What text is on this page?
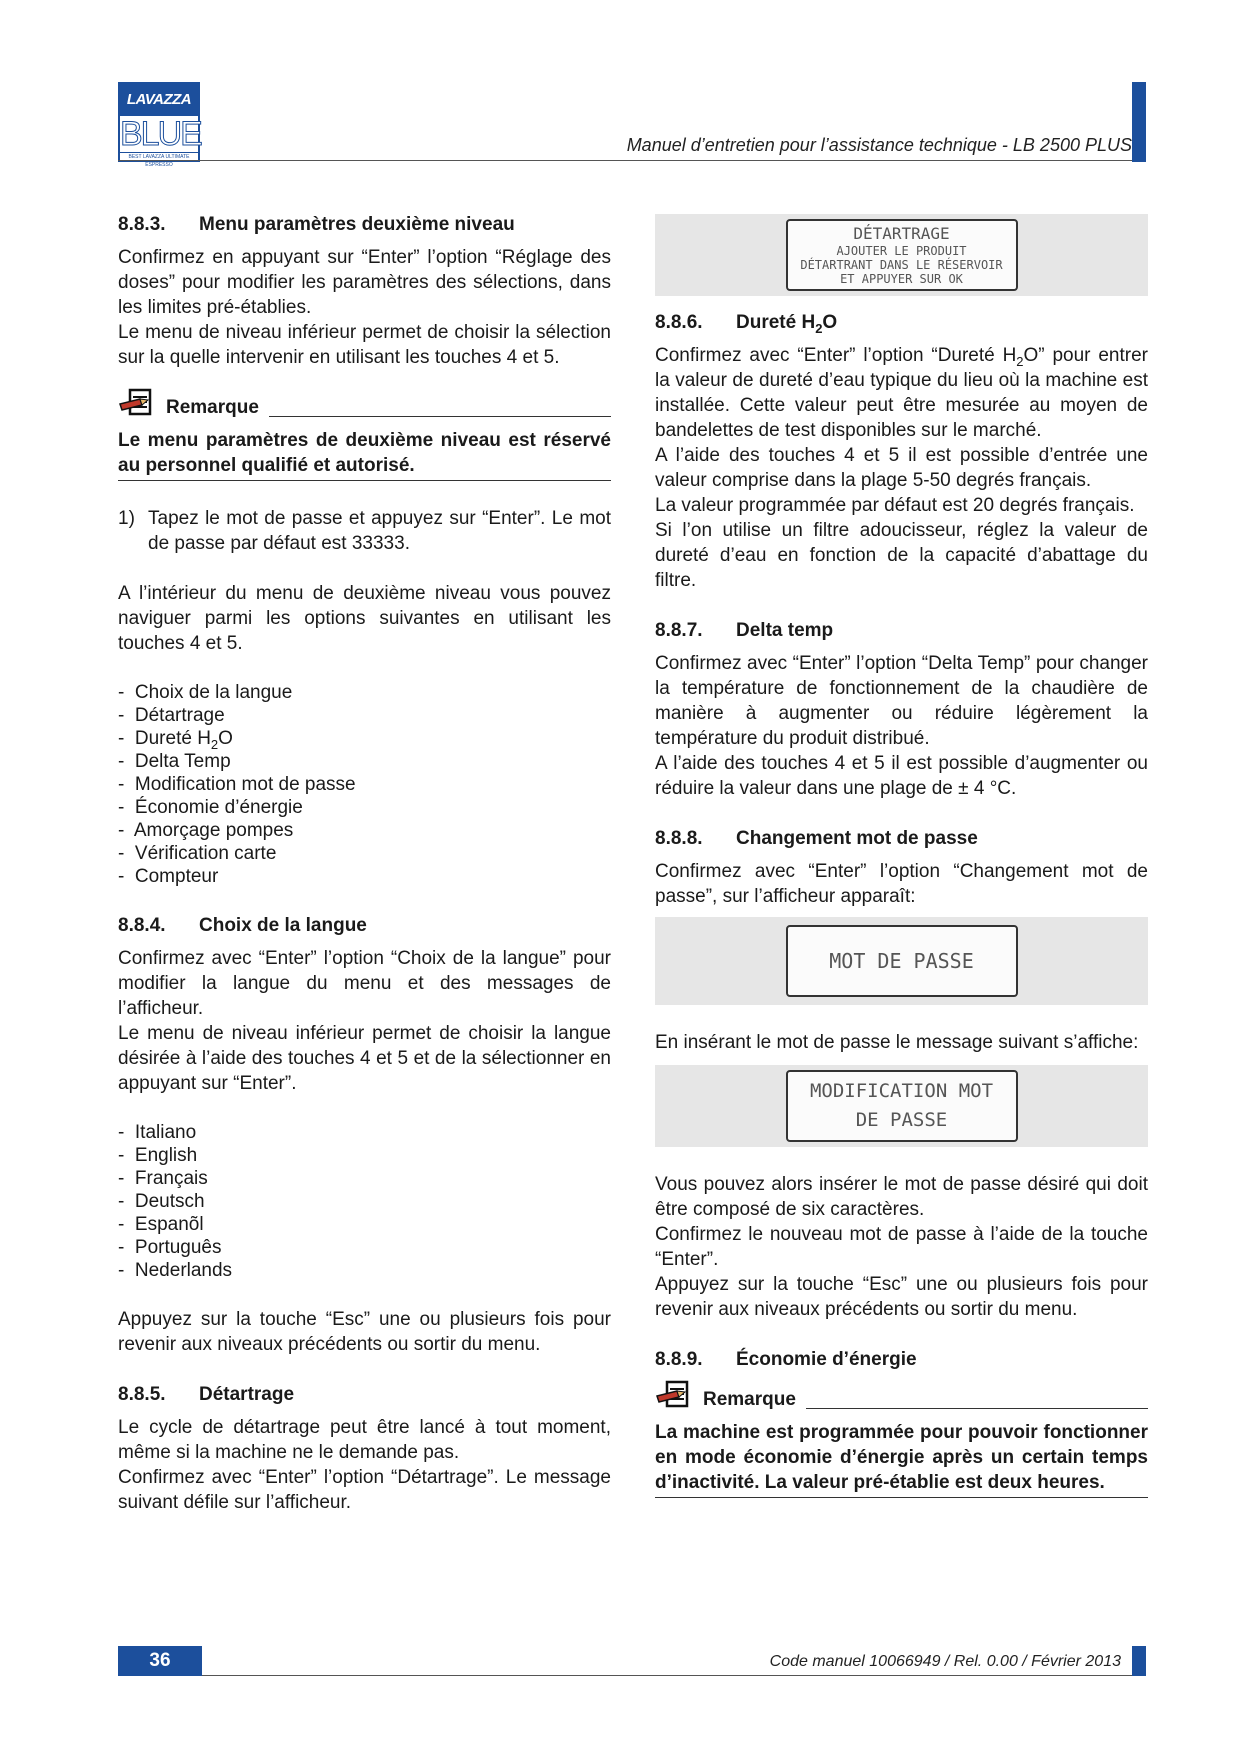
LAVAZZA
BLUE
BEST LAVAZZA ULTIMATE ESPRESSO
Manuel d’entretien pour l’assistance technique - LB 2500 PLUS
8.8.3.	Menu paramètres deuxième niveau

Confirmez en appuyant sur “Enter” l’option “Réglage des doses” pour modifier les paramètres des sélections, dans les limites pré-établies.

Le menu de niveau inférieur permet de choisir la sélection sur la quelle intervenir en utilisant les touches 4 et 5.

Remarque
Le menu paramètres de deuxième niveau est réservé au personnel qualifié et autorisé.
1) Tapez le mot de passe et appuyez sur “Enter”. Le mot de passe par défaut est 33333.

A l’intérieur du menu de deuxième niveau vous pouvez naviguer parmi les options suivantes en utilisant les touches 4 et 5.

- Choix de la langue
- Détartrage
- Dureté $H_2O$
- Delta Temp
- Modification mot de passe
- Économie d’énergie
- Amorçage pompes
- Vérification carte
- Compteur
8.8.4.	Choix de la langue

Confirmez avec “Enter” l’option “Choix de la langue” pour modifier la langue du menu et des messages de l’afficheur.

Le menu de niveau inférieur permet de choisir la langue désirée à l’aide des touches 4 et 5 et de la sélectionner en appuyant sur “Enter”.

- Italiano
- English
- Français
- Deutsch
- Espanõl
- Português
- Nederlands

Appuyez sur la touche “Esc” une ou plusieurs fois pour revenir aux niveaux précédents ou sortir du menu.

8.8.5.	Détartrage

Le cycle de détartrage peut être lancé à tout moment, même si la machine ne le demande pas.

Confirmez avec “Enter” l’option “Détartrage”. Le message suivant défile sur l’afficheur.

DÉTARTRAGE
AJOUTER LE PRODUIT
DÉTARTRANT DANS LE RÉSERVOIR
ET APPUYER SUR OK
8.8.6.	Dureté $H_2O$

Confirmez avec “Enter” l’option “Dureté $H_2O$” pour entrer la valeur de dureté d’eau typique du lieu où la machine est installée. Cette valeur peut être mesurée au moyen de bandelettes de test disponibles sur le marché.

A l’aide des touches 4 et 5 il est possible d’entrée une valeur comprise dans la plage 5-50 degrés français.

La valeur programmée par défaut est 20 degrés français.

Si l’on utilise un filtre adoucisseur, réglez la valeur de dureté d’eau en fonction de la capacité d’abattage du filtre.

8.8.7.	Delta temp

Confirmez avec “Enter” l’option “Delta Temp” pour changer la température de fonctionnement de la chaudière de manière à augmenter ou réduire légèrement la température du produit distribué.

A l’aide des touches 4 et 5 il est possible d’augmenter ou réduire la valeur dans une plage de ± 4 °C.

8.8.8.	Changement mot de passe

Confirmez avec “Enter” l’option “Changement mot de passe”, sur l’afficheur apparaît:

MOT DE PASSE

En insérant le mot de passe le message suivant s’affiche:

MODIFICATION MOT
DE PASSE

Vous pouvez alors insérer le mot de passe désiré qui doit être composé de six caractères.

Confirmez le nouveau mot de passe à l’aide de la touche “Enter”.

Appuyez sur la touche “Esc” une ou plusieurs fois pour revenir aux niveaux précédents ou sortir du menu.

8.8.9.	Économie d’énergie
Remarque
La machine est programmée pour pouvoir fonctionner en mode économie d’énergie après un certain temps d’inactivité. La valeur pré-établie est deux heures.
36	Code manuel 10066949 / Rel. 0.00 / Février 2013
